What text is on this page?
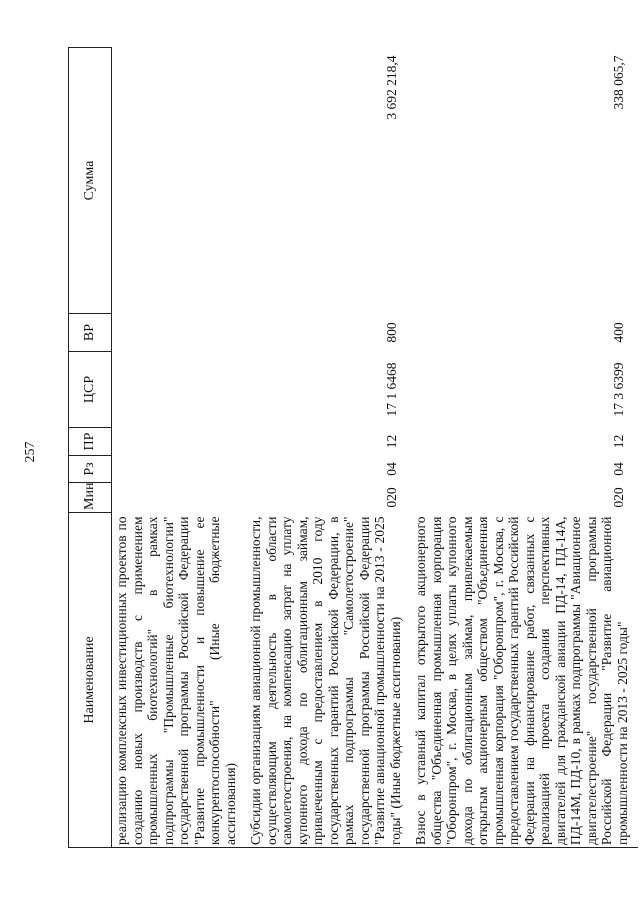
257
Наименование	Мин	Рз	ПР	ЦСР	ВР	Сумма
реализацию комплексных инвестиционных проектов по созданию новых производств с применением промышленных биотехнологий" в рамках подпрограммы "Промышленные биотехнологии" государственной программы Российской Федерации "Развитие промышленности и повышение ее конкурентоспособности" (Иные бюджетные ассигнования)						
Субсидии организациям авиационной промышленности, осуществляющим деятельность в области самолетостроения, на компенсацию затрат на уплату купонного дохода по облигационным займам, привлеченным с предоставлением в 2010 году государственных гарантий Российской Федерации, в рамках подпрограммы "Самолетостроение" государственной программы Российской Федерации "Развитие авиационной промышленности на 2013 - 2025 годы" (Иные бюджетные ассигнования)	020	04	12	17 1 6468	800	3 692 218,4
Взнос в уставный капитал открытого акционерного общества "Объединенная промышленная корпорация "Оборонпром", г. Москва, в целях уплаты купонного дохода по облигационным займам, привлекаемым открытым акционерным обществом "Объединенная промышленная корпорация "Оборонпром", г. Москва, с предоставлением государственных гарантий Российской Федерации на финансирование работ, связанных с реализацией проекта создания перспективных двигателей для гражданской авиации ПД-14, ПД-14А, ПД-14М, ПД-10, в рамках подпрограммы "Авиационное двигателестроение" государственной программы Российской Федерации "Развитие авиационной промышленности на 2013 - 2025 годы"	020	04	12	17 3 6399	400	338 065,7
